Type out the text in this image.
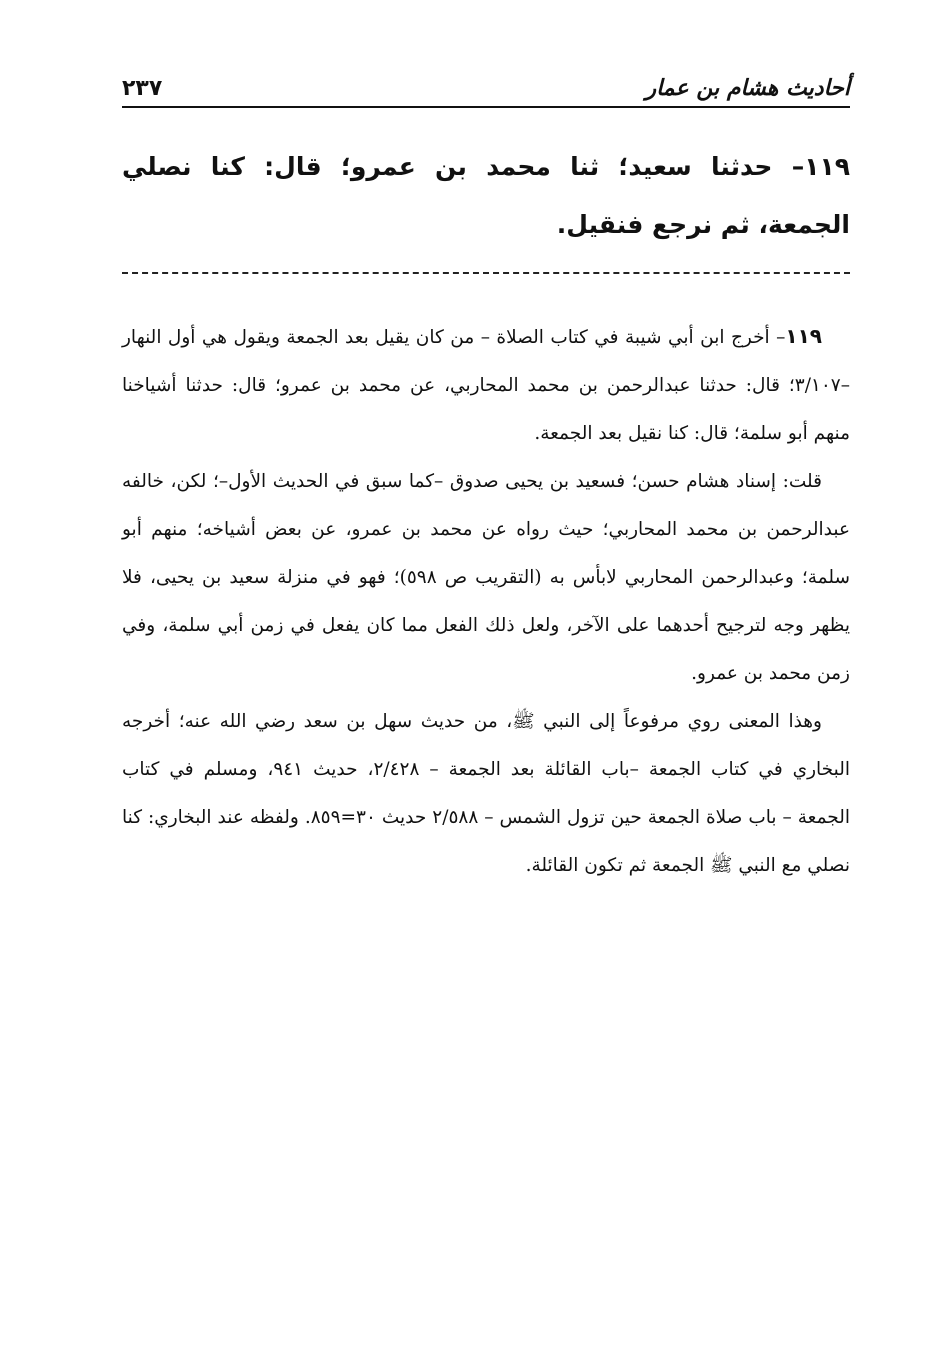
أحاديث هشام بن عمار
٢٣٧
١١٩– حدثنا سعيد؛ ثنا محمد بن عمرو؛ قال: كنا نصلي الجمعة، ثم نرجع فنقيل.

١١٩– أخرج ابن أبي شيبة في كتاب الصلاة – من كان يقيل بعد الجمعة ويقول هي أول النهار –٣/١٠٧؛ قال: حدثنا عبدالرحمن بن محمد المحاربي، عن محمد بن عمرو؛ قال: حدثنا أشياخنا منهم أبو سلمة؛ قال: كنا نقيل بعد الجمعة.

قلت: إسناد هشام حسن؛ فسعيد بن يحيى صدوق –كما سبق في الحديث الأول–؛ لكن، خالفه عبدالرحمن بن محمد المحاربي؛ حيث رواه عن محمد بن عمرو، عن بعض أشياخه؛ منهم أبو سلمة؛ وعبدالرحمن المحاربي لابأس به (التقريب ص ٥٩٨)؛ فهو في منزلة سعيد بن يحيى، فلا يظهر وجه لترجيح أحدهما على الآخر، ولعل ذلك الفعل مما كان يفعل في زمن أبي سلمة، وفي زمن محمد بن عمرو.

وهذا المعنى روي مرفوعاً إلى النبي ﷺ، من حديث سهل بن سعد رضي الله عنه؛ أخرجه البخاري في كتاب الجمعة –باب القائلة بعد الجمعة – ٢/٤٢٨، حديث ٩٤١، ومسلم في كتاب الجمعة – باب صلاة الجمعة حين تزول الشمس – ٢/٥٨٨ حديث ٣٠=٨٥٩. ولفظه عند البخاري: كنا نصلي مع النبي ﷺ الجمعة ثم تكون القائلة.
